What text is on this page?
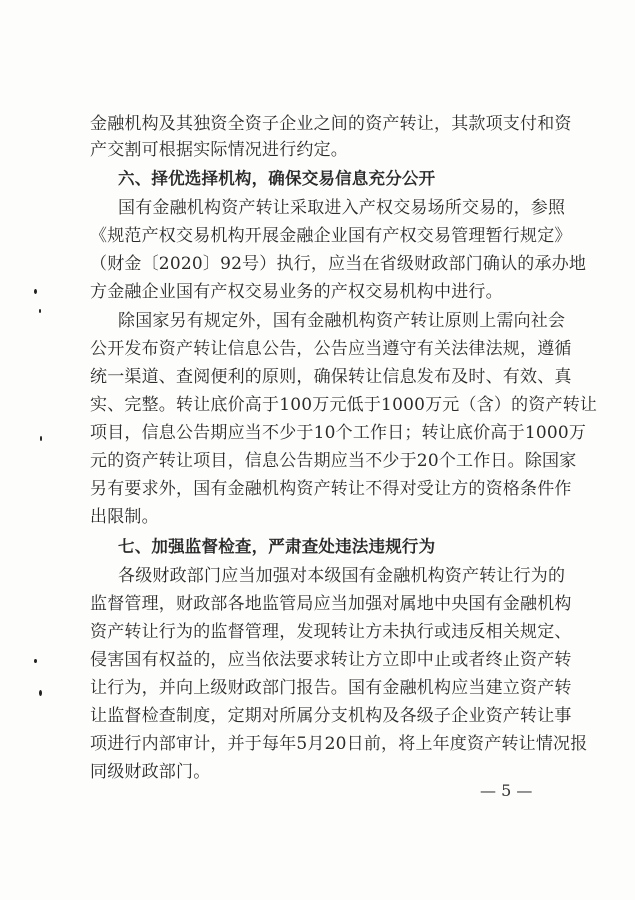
金融机构及其独资全资子企业之间的资产转让，其款项支付和资
产交割可根据实际情况进行约定。
六、择优选择机构，确保交易信息充分公开
国有金融机构资产转让采取进入产权交易场所交易的，参照
《规范产权交易机构开展金融企业国有产权交易管理暂行规定》
（财金〔2020〕92号）执行，应当在省级财政部门确认的承办地
方金融企业国有产权交易业务的产权交易机构中进行。
除国家另有规定外，国有金融机构资产转让原则上需向社会
公开发布资产转让信息公告，公告应当遵守有关法律法规，遵循
统一渠道、查阅便利的原则，确保转让信息发布及时、有效、真
实、完整。转让底价高于100万元低于1000万元（含）的资产转让
项目，信息公告期应当不少于10个工作日；转让底价高于1000万
元的资产转让项目，信息公告期应当不少于20个工作日。除国家
另有要求外，国有金融机构资产转让不得对受让方的资格条件作
出限制。
七、加强监督检查，严肃查处违法违规行为
各级财政部门应当加强对本级国有金融机构资产转让行为的
监督管理，财政部各地监管局应当加强对属地中央国有金融机构
资产转让行为的监督管理，发现转让方未执行或违反相关规定、
侵害国有权益的，应当依法要求转让方立即中止或者终止资产转
让行为，并向上级财政部门报告。国有金融机构应当建立资产转
让监督检查制度，定期对所属分支机构及各级子企业资产转让事
项进行内部审计，并于每年5月20日前，将上年度资产转让情况报
同级财政部门。
— 5 —
